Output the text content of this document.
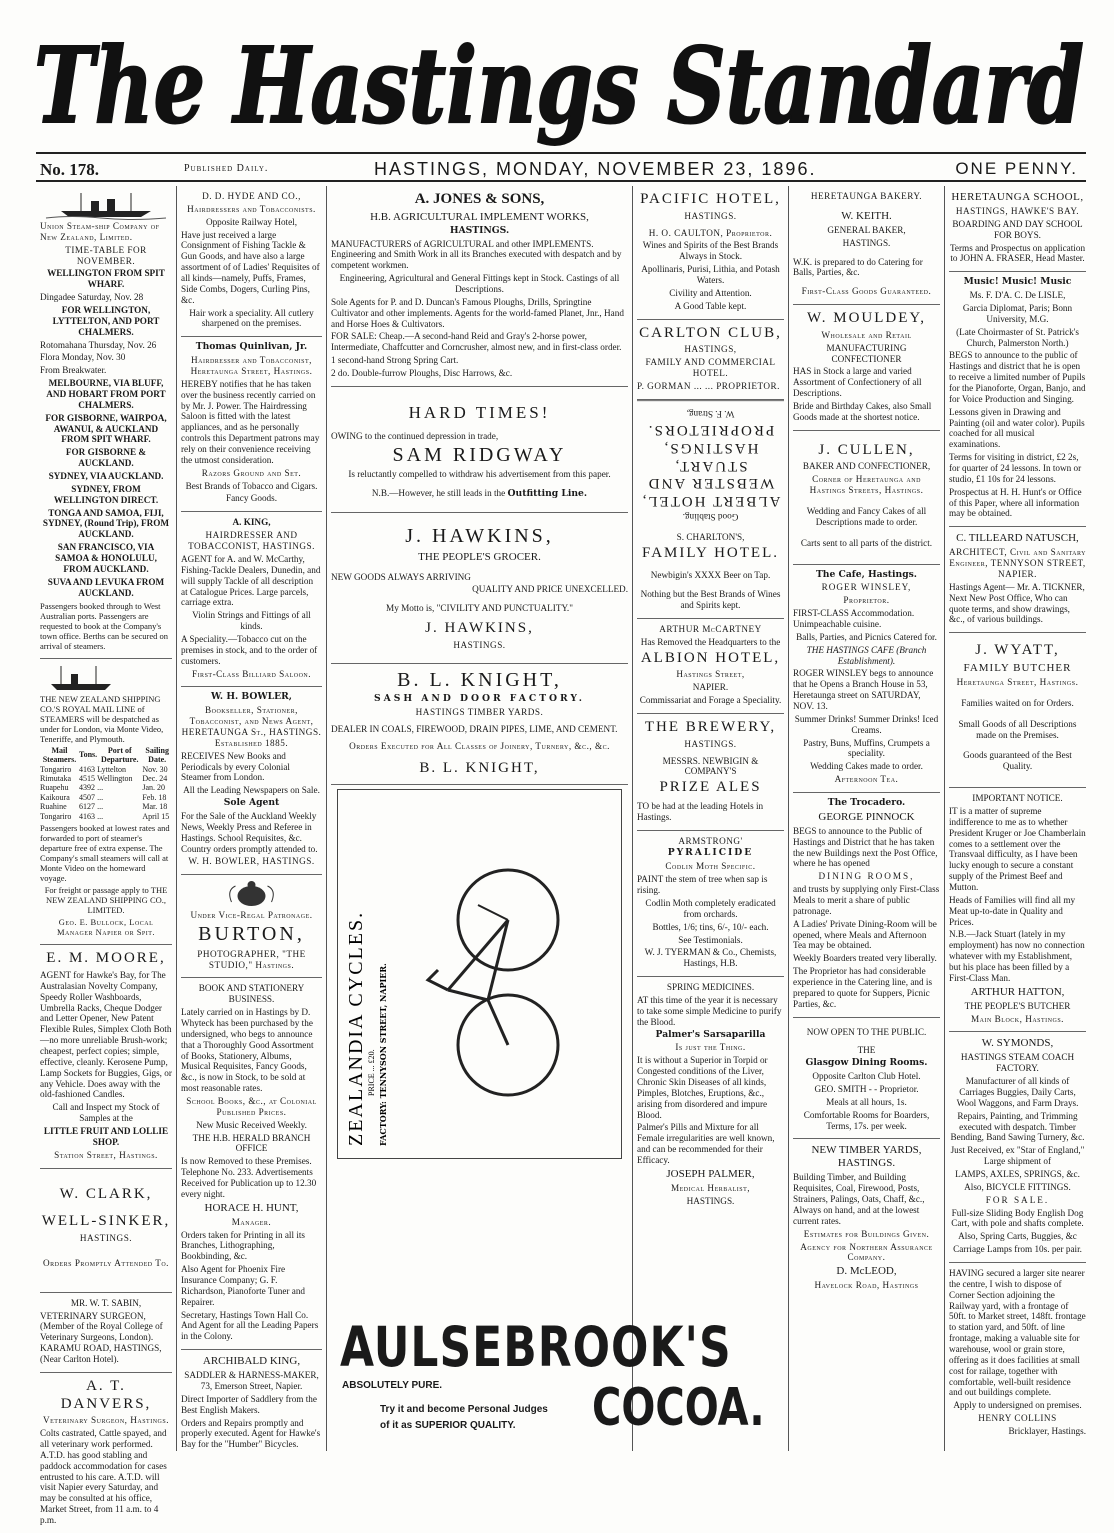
The Hastings Standard
No. 178.	Published Daily.	HASTINGS, MONDAY, NOVEMBER 23, 1896.	ONE PENNY.

Union Steam-ship Company of New Zealand, Limited.

TIME-TABLE FOR NOVEMBER.

WELLINGTON FROM SPIT WHARF.

Dingadee Saturday, Nov. 28

FOR WELLINGTON, LYTTELTON, AND PORT CHALMERS.

Rotomahana Thursday, Nov. 26

Flora Monday, Nov. 30

From Breakwater.

MELBOURNE, VIA BLUFF, AND HOBART FROM PORT CHALMERS.

FOR GISBORNE, WAIRPOA, AWANUI, & AUCKLAND FROM SPIT WHARF.

FOR GISBORNE & AUCKLAND.

SYDNEY, VIA AUCKLAND.

SYDNEY, FROM WELLINGTON DIRECT.

TONGA AND SAMOA, FIJI, SYDNEY, (Round Trip), FROM AUCKLAND.

SAN FRANCISCO, VIA SAMOA & HONOLULU, FROM AUCKLAND.

SUVA AND LEVUKA FROM AUCKLAND.

Passengers booked through to West Australian ports. Passengers are requested to book at the Company's town office. Berths can be secured on arrival of steamers.

THE NEW ZEALAND SHIPPING CO.'S ROYAL MAIL LINE of STEAMERS will be despatched as under for London, via Monte Video, Teneriffe, and Plymouth.

Mail Steamers.	Tons.	Port of Departure.	Sailing Date.
Tongariro	4163	Lyttelton	Nov. 30
Rimutaka	4515	Wellington	Dec. 24
Ruapehu	4392	...	Jan. 20
Kaikoura	4507	...	Feb. 18
Ruahine	6127	...	Mar. 18
Tongariro	4163	...	April 15

Passengers booked at lowest rates and forwarded to port of steamer's departure free of extra expense. The Company's small steamers will call at Monte Video on the homeward voyage.

For freight or passage apply to THE NEW ZEALAND SHIPPING CO., LIMITED.

Geo. E. Bullock, Local Manager Napier or Spit.

E. M. MOORE,

AGENT for Hawke's Bay, for The Australasian Novelty Company, Speedy Roller Washboards, Umbrella Racks, Cheque Dodger and Letter Opener, New Patent Flexible Rules, Simplex Cloth Both—no more unreliable Brush-work; cheapest, perfect copies; simple, effective, cleanly. Kerosene Pump, Lamp Sockets for Buggies, Gigs, or any Vehicle. Does away with the old-fashioned Candles.

Call and Inspect my Stock of Samples at the

LITTLE FRUIT AND LOLLIE SHOP.

Station Street, Hastings.

W. CLARK,

WELL-SINKER,

HASTINGS.

Orders Promptly Attended To.

MR. W. T. SABIN,

VETERINARY SURGEON, (Member of the Royal College of Veterinary Surgeons, London). KARAMU ROAD, HASTINGS, (Near Carlton Hotel).

A. T. DANVERS,

Veterinary Surgeon, Hastings.

Colts castrated, Cattle spayed, and all veterinary work performed. A.T.D. has good stabling and paddock accommodation for cases entrusted to his care. A.T.D. will visit Napier every Saturday, and may be consulted at his office, Market Street, from 11 a.m. to 4 p.m.

D. D. HYDE AND CO.,

Hairdressers and Tobacconists.

Opposite Railway Hotel,

Have just received a large Consignment of Fishing Tackle & Gun Goods, and have also a large assortment of of Ladies' Requisites of all kinds—namely, Puffs, Frames, Side Combs, Dogers, Curling Pins, &c.

Hair work a speciality. All cutlery sharpened on the premises.

Thomas Quinlivan, Jr.

Hairdresser and Tobacconist, Heretaunga Street, Hastings.

HEREBY notifies that he has taken over the business recently carried on by Mr. J. Power. The Hairdressing Saloon is fitted with the latest appliances, and as he personally controls this Department patrons may rely on their convenience receiving the utmost consideration.

Razors Ground and Set.

Best Brands of Tobacco and Cigars.

Fancy Goods.

A. KING,

HAIRDRESSER AND TOBACCONIST, HASTINGS.

AGENT for A. and W. McCarthy, Fishing-Tackle Dealers, Dunedin, and will supply Tackle of all description at Catalogue Prices. Large parcels, carriage extra.

Violin Strings and Fittings of all kinds.

A Speciality.—Tobacco cut on the premises in stock, and to the order of customers.

First-Class Billiard Saloon.

W. H. BOWLER,

Bookseller, Stationer, Tobacconist, and News Agent, HERETAUNGA St., HASTINGS. Established 1885.

RECEIVES New Books and Periodicals by every Colonial Steamer from London.

All the Leading Newspapers on Sale.

Sole Agent

For the Sale of the Auckland Weekly News, Weekly Press and Referee in Hastings. School Requisites, &c. Country orders promptly attended to.

W. H. BOWLER, HASTINGS.

Under Vice-Regal Patronage.

BURTON,

PHOTOGRAPHER, "THE STUDIO," Hastings.

BOOK AND STATIONERY BUSINESS.

Lately carried on in Hastings by D. Whyteck has been purchased by the undersigned, who begs to announce that a Thoroughly Good Assortment of Books, Stationery, Albums, Musical Requisites, Fancy Goods, &c., is now in Stock, to be sold at most reasonable rates.

School Books, &c., at Colonial Published Prices.

New Music Received Weekly.

THE H.B. HERALD BRANCH OFFICE

Is now Removed to these Premises. Telephone No. 233. Advertisements Received for Publication up to 12.30 every night.

HORACE H. HUNT,

Manager.

Orders taken for Printing in all its Branches, Lithographing, Bookbinding, &c.

Also Agent for Phoenix Fire Insurance Company; G. F. Richardson, Pianoforte Tuner and Repairer.

Secretary, Hastings Town Hall Co. And Agent for all the Leading Papers in the Colony.

ARCHIBALD KING,

SADDLER & HARNESS-MAKER, 73, Emerson Street, Napier.

Direct Importer of Saddlery from the Best English Makers.

Orders and Repairs promptly and properly executed. Agent for Hawke's Bay for the "Humber" Bicycles.

A. JONES & SONS,

H.B. AGRICULTURAL IMPLEMENT WORKS,

HASTINGS.

MANUFACTURERS of AGRICULTURAL and other IMPLEMENTS. Engineering and Smith Work in all its Branches executed with despatch and by competent workmen.

Engineering, Agricultural and General Fittings kept in Stock. Castings of all Descriptions.

Sole Agents for P. and D. Duncan's Famous Ploughs, Drills, Springtine Cultivator and other implements. Agents for the world-famed Planet, Jnr., Hand and Horse Hoes & Cultivators.

FOR SALE: Cheap.—A second-hand Reid and Gray's 2-horse power, Intermediate, Chaffcutter and Corncrusher, almost new, and in first-class order.

1 second-hand Strong Spring Cart.

2 do. Double-furrow Ploughs, Disc Harrows, &c.

HARD TIMES!

OWING to the continued depression in trade,

SAM RIDGWAY

Is reluctantly compelled to withdraw his advertisement from this paper.

N.B.—However, he still leads in the Outfitting Line.

J. HAWKINS,

THE PEOPLE'S GROCER.

NEW GOODS ALWAYS ARRIVING

QUALITY AND PRICE UNEXCELLED.

My Motto is, "CIVILITY AND PUNCTUALITY."

J. HAWKINS,

HASTINGS.

B. L. KNIGHT,

SASH AND DOOR FACTORY.

HASTINGS TIMBER YARDS.

DEALER IN COALS, FIREWOOD, DRAIN PIPES, LIME, AND CEMENT.

Orders Executed for All Classes of Joinery, Turnery, &c., &c.

B. L. KNIGHT,

ZEALANDIA CYCLES. PRICE ... £20. FACTORY: TENNYSON STREET, NAPIER.

PACIFIC HOTEL,

HASTINGS.

H. O. CAULTON, Proprietor.

Wines and Spirits of the Best Brands Always in Stock.

Apollinaris, Purisi, Lithia, and Potash Waters.

Civility and Attention.

A Good Table kept.

CARLTON CLUB,

HASTINGS,

FAMILY AND COMMERCIAL HOTEL.

P. GORMAN ... ... PROPRIETOR.

Good Stabling.

ALBERT HOTEL, WEBSTER AND STUART, HASTINGS, PROPRIETORS.

W. F. Strang,

S. CHARLTON'S,

FAMILY HOTEL.

Newbigin's XXXX Beer on Tap.

Nothing but the Best Brands of Wines and Spirits kept.

ARTHUR McCARTNEY

Has Removed the Headquarters to the

ALBION HOTEL,

Hastings Street,

NAPIER.

Commissariat and Forage a Speciality.

THE BREWERY,

HASTINGS.

MESSRS. NEWBIGIN & COMPANY'S

PRIZE ALES

TO be had at the leading Hotels in Hastings.

ARMSTRONG'

PYRALICIDE

Codlin Moth Specific.

PAINT the stem of tree when sap is rising.

Codlin Moth completely eradicated from orchards.

Bottles, 1/6; tins, 6/-, 10/- each.

See Testimonials.

W. J. TYERMAN & Co., Chemists, Hastings, H.B.

SPRING MEDICINES.

AT this time of the year it is necessary to take some simple Medicine to purify the Blood.

Palmer's Sarsaparilla

Is just the Thing.

It is without a Superior in Torpid or Congested conditions of the Liver, Chronic Skin Diseases of all kinds, Pimples, Blotches, Eruptions, &c., arising from disordered and impure Blood.

Palmer's Pills and Mixture for all Female irregularities are well known, and can be recommended for their Efficacy.

JOSEPH PALMER,

Medical Herbalist,

HASTINGS.

HERETAUNGA BAKERY.

W. KEITH.

GENERAL BAKER,

HASTINGS.

W.K. is prepared to do Catering for Balls, Parties, &c.

First-Class Goods Guaranteed.

W. MOULDEY,

Wholesale and Retail

MANUFACTURING CONFECTIONER

HAS in Stock a large and varied Assortment of Confectionery of all Descriptions.

Bride and Birthday Cakes, also Small Goods made at the shortest notice.

J. CULLEN,

BAKER AND CONFECTIONER,

Corner of Heretaunga and Hastings Streets, Hastings.

Wedding and Fancy Cakes of all Descriptions made to order.

Carts sent to all parts of the district.

The Cafe, Hastings.

ROGER WINSLEY,

Proprietor.

FIRST-CLASS Accommodation. Unimpeachable cuisine.

Balls, Parties, and Picnics Catered for.

THE HASTINGS CAFE (Branch Establishment).

ROGER WINSLEY begs to announce that he Opens a Branch House in 53, Heretaunga street on SATURDAY, NOV. 13.

Summer Drinks! Summer Drinks! Iced Creams.

Pastry, Buns, Muffins, Crumpets a speciality.

Wedding Cakes made to order.

Afternoon Tea.

The Trocadero.

GEORGE PINNOCK

BEGS to announce to the Public of Hastings and District that he has taken the new Buildings next the Post Office, where he has opened

DINING ROOMS,

and trusts by supplying only First-Class Meals to merit a share of public patronage.

A Ladies' Private Dining-Room will be opened, where Meals and Afternoon Tea may be obtained.

Weekly Boarders treated very liberally.

The Proprietor has had considerable experience in the Catering line, and is prepared to quote for Suppers, Picnic Parties, &c.

NOW OPEN TO THE PUBLIC.

THE

Glasgow Dining Rooms.

Opposite Carlton Club Hotel.

GEO. SMITH - - Proprietor.

Meals at all hours, 1s.

Comfortable Rooms for Boarders, Terms, 17s. per week.

NEW TIMBER YARDS, HASTINGS.

Building Timber, and Building Requisites, Coal, Firewood, Posts, Strainers, Palings, Oats, Chaff, &c., Always on hand, and at the lowest current rates.

Estimates for Buildings Given.

Agency for Northern Assurance Company.

D. McLEOD,

Havelock Road, Hastings

HERETAUNGA SCHOOL,

HASTINGS, HAWKE'S BAY.

BOARDING AND DAY SCHOOL FOR BOYS.

Terms and Prospectus on application to JOHN A. FRASER, Head Master.

Music! Music! Music

Ms. F. D'A. C. De LISLE,

Garcia Diplomat, Paris; Bonn University, M.G.

(Late Choirmaster of St. Patrick's Church, Palmerston North.)

BEGS to announce to the public of Hastings and district that he is open to receive a limited number of Pupils for the Pianoforte, Organ, Banjo, and for Voice Production and Singing.

Lessons given in Drawing and Painting (oil and water color). Pupils coached for all musical examinations.

Terms for visiting in district, £2 2s, for quarter of 24 lessons. In town or studio, £1 10s for 24 lessons.

Prospectus at H. H. Hunt's or Office of this Paper, where all information may be obtained.

C. TILLEARD NATUSCH,

ARCHITECT, Civil and Sanitary Engineer, TENNYSON STREET, NAPIER.

Hastings Agent— Mr. A. TICKNER, Next New Post Office, Who can quote terms, and show drawings, &c., of various buildings.

J. WYATT,

FAMILY BUTCHER

Heretaunga Street, Hastings.

Families waited on for Orders.

Small Goods of all Descriptions made on the Premises.

Goods guaranteed of the Best Quality.

IMPORTANT NOTICE.

IT is a matter of supreme indifference to me as to whether President Kruger or Joe Chamberlain comes to a settlement over the Transvaal difficulty, as I have been lucky enough to secure a constant supply of the Primest Beef and Mutton.

Heads of Families will find all my Meat up-to-date in Quality and Prices.

N.B.—Jack Stuart (lately in my employment) has now no connection whatever with my Establishment, but his place has been filled by a First-Class Man.

ARTHUR HATTON,

THE PEOPLE'S BUTCHER

Main Block, Hastings.

W. SYMONDS,

HASTINGS STEAM COACH FACTORY.

Manufacturer of all kinds of Carriages Buggies, Daily Carts, Wool Waggons, and Farm Drays.

Repairs, Painting, and Trimming executed with despatch. Timber Bending, Band Sawing Turnery, &c.

Just Received, ex "Star of England," Large shipment of

LAMPS, AXLES, SPRINGS, &c.

Also, BICYCLE FITTINGS.

FOR SALE.

Full-size Sliding Body English Dog Cart, with pole and shafts complete.

Also, Spring Carts, Buggies, &c

Carriage Lamps from 10s. per pair.

HAVING secured a larger site nearer the centre, I wish to dispose of Corner Section adjoining the Railway yard, with a frontage of 50ft. to Market street, 148ft. frontage to station yard, and 50ft. of line frontage, making a valuable site for warehouse, wool or grain store, offering as it does facilities at small cost for railage, together with comfortable, well-built residence and out buildings complete.

Apply to undersigned on premises.

HENRY COLLINS

Bricklayer, Hastings.

AULSEBROOK'S
ABSOLUTELY PURE.
Try it and become Personal Judges
of it as SUPERIOR QUALITY.	COCOA.
